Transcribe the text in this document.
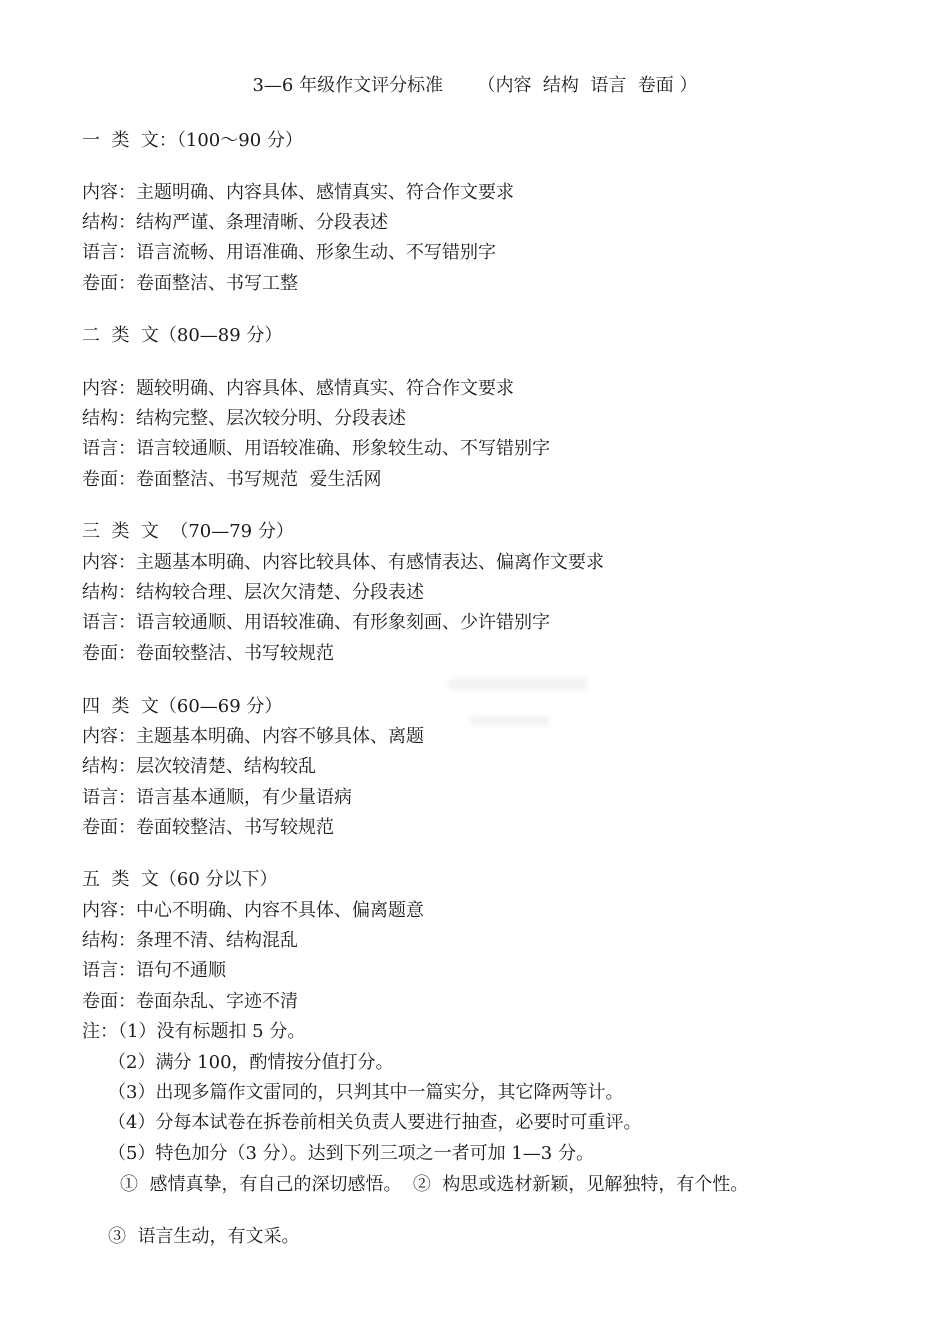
3—6 年级作文评分标准      （内容  结构  语言  卷面 ）
一  类  文：（100～90 分）
内容：主题明确、内容具体、感情真实、符合作文要求
结构：结构严谨、条理清晰、分段表述
语言：语言流畅、用语准确、形象生动、不写错别字
卷面：卷面整洁、书写工整
二  类  文（80—89 分）
内容：题较明确、内容具体、感情真实、符合作文要求
结构：结构完整、层次较分明、分段表述
语言：语言较通顺、用语较准确、形象较生动、不写错别字
卷面：卷面整洁、书写规范  爱生活网
三  类  文  （70—79 分）
内容：主题基本明确、内容比较具体、有感情表达、偏离作文要求
结构：结构较合理、层次欠清楚、分段表述
语言：语言较通顺、用语较准确、有形象刻画、少许错别字
卷面：卷面较整洁、书写较规范
四  类  文（60—69 分）
内容：主题基本明确、内容不够具体、离题
结构：层次较清楚、结构较乱
语言：语言基本通顺，有少量语病
卷面：卷面较整洁、书写较规范
五  类  文（60 分以下）
内容：中心不明确、内容不具体、偏离题意
结构：条理不清、结构混乱
语言：语句不通顺
卷面：卷面杂乱、字迹不清
注：（1）没有标题扣 5 分。
（2）满分 100，酌情按分值打分。
（3）出现多篇作文雷同的，只判其中一篇实分，其它降两等计。
（4）分每本试卷在拆卷前相关负责人要进行抽查，必要时可重评。
（5）特色加分（3 分）。达到下列三项之一者可加 1—3 分。
①  感情真挚，有自己的深切感悟。  ②  构思或选材新颖，见解独特，有个性。
③  语言生动，有文采。
